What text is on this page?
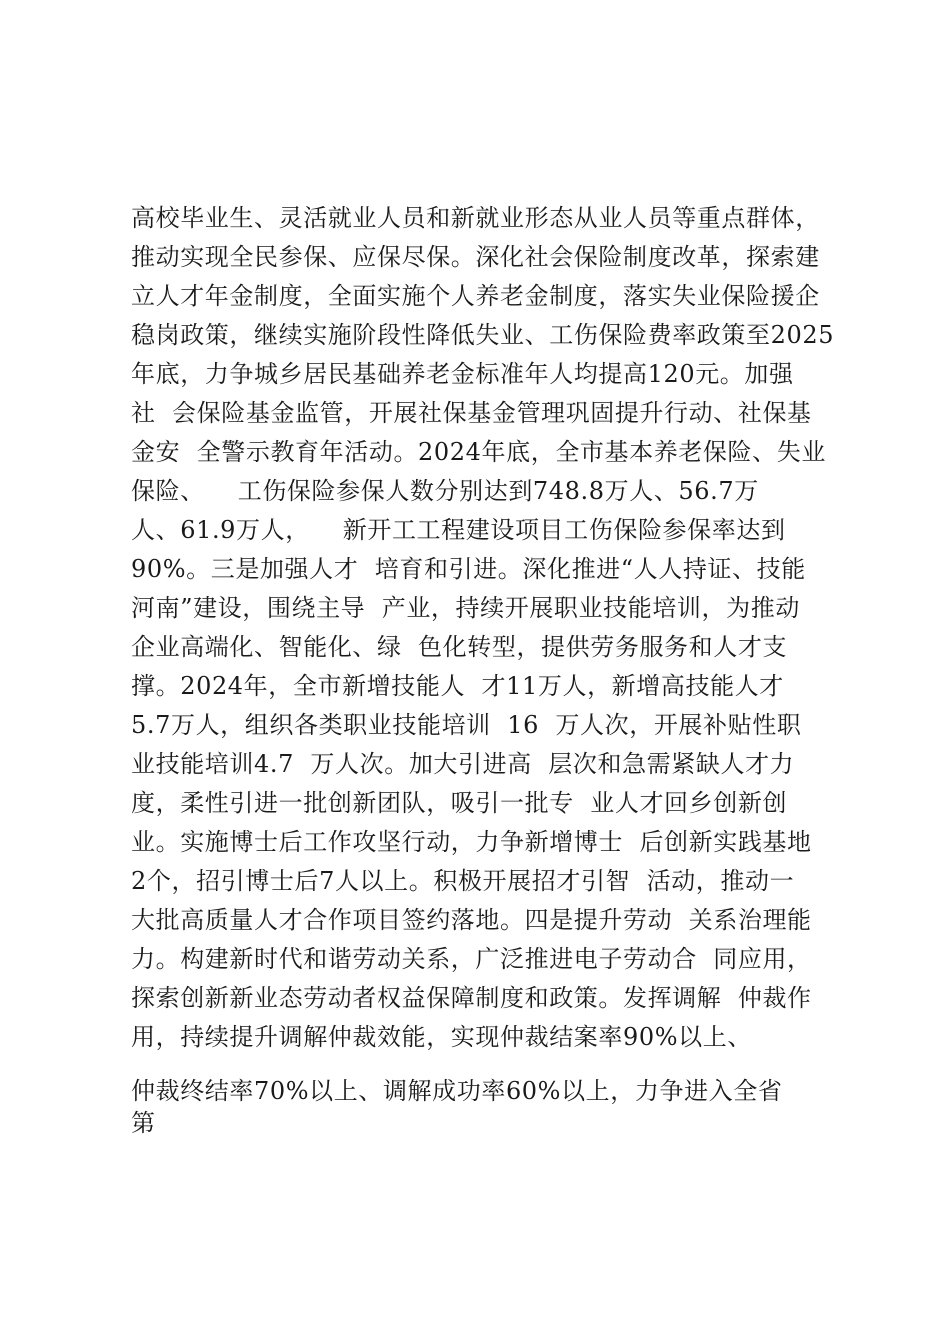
高校毕业生、灵活就业人员和新就业形态从业人员等重点群体，
推动实现全民参保、应保尽保。深化社会保险制度改革，探索建
立人才年金制度，全面实施个人养老金制度，落实失业保险援企
稳岗政策，继续实施阶段性降低失业、工伤保险费率政策至2025
年底，力争城乡居民基础养老金标准年人均提高120元。加强
社  会保险基金监管，开展社保基金管理巩固提升行动、社保基
金安  全警示教育年活动。2024年底，全市基本养老保险、失业
保险、    工伤保险参保人数分别达到748.8万人、56.7万
人、61.9万人，    新开工工程建设项目工伤保险参保率达到
90%。三是加强人才  培育和引进。深化推进“人人持证、技能
河南”建设，围绕主导  产业，持续开展职业技能培训，为推动
企业高端化、智能化、绿  色化转型，提供劳务服务和人才支
撑。2024年，全市新增技能人  才11万人，新增高技能人才
5.7万人，组织各类职业技能培训  16  万人次，开展补贴性职
业技能培训4.7  万人次。加大引进高  层次和急需紧缺人才力
度，柔性引进一批创新团队，吸引一批专  业人才回乡创新创
业。实施博士后工作攻坚行动，力争新增博士  后创新实践基地
2个，招引博士后7人以上。积极开展招才引智  活动，推动一
大批高质量人才合作项目签约落地。四是提升劳动  关系治理能
力。构建新时代和谐劳动关系，广泛推进电子劳动合  同应用，
探索创新新业态劳动者权益保障制度和政策。发挥调解  仲裁作
用，持续提升调解仲裁效能，实现仲裁结案率90%以上、
仲裁终结率70%以上、调解成功率60%以上，力争进入全省
第
